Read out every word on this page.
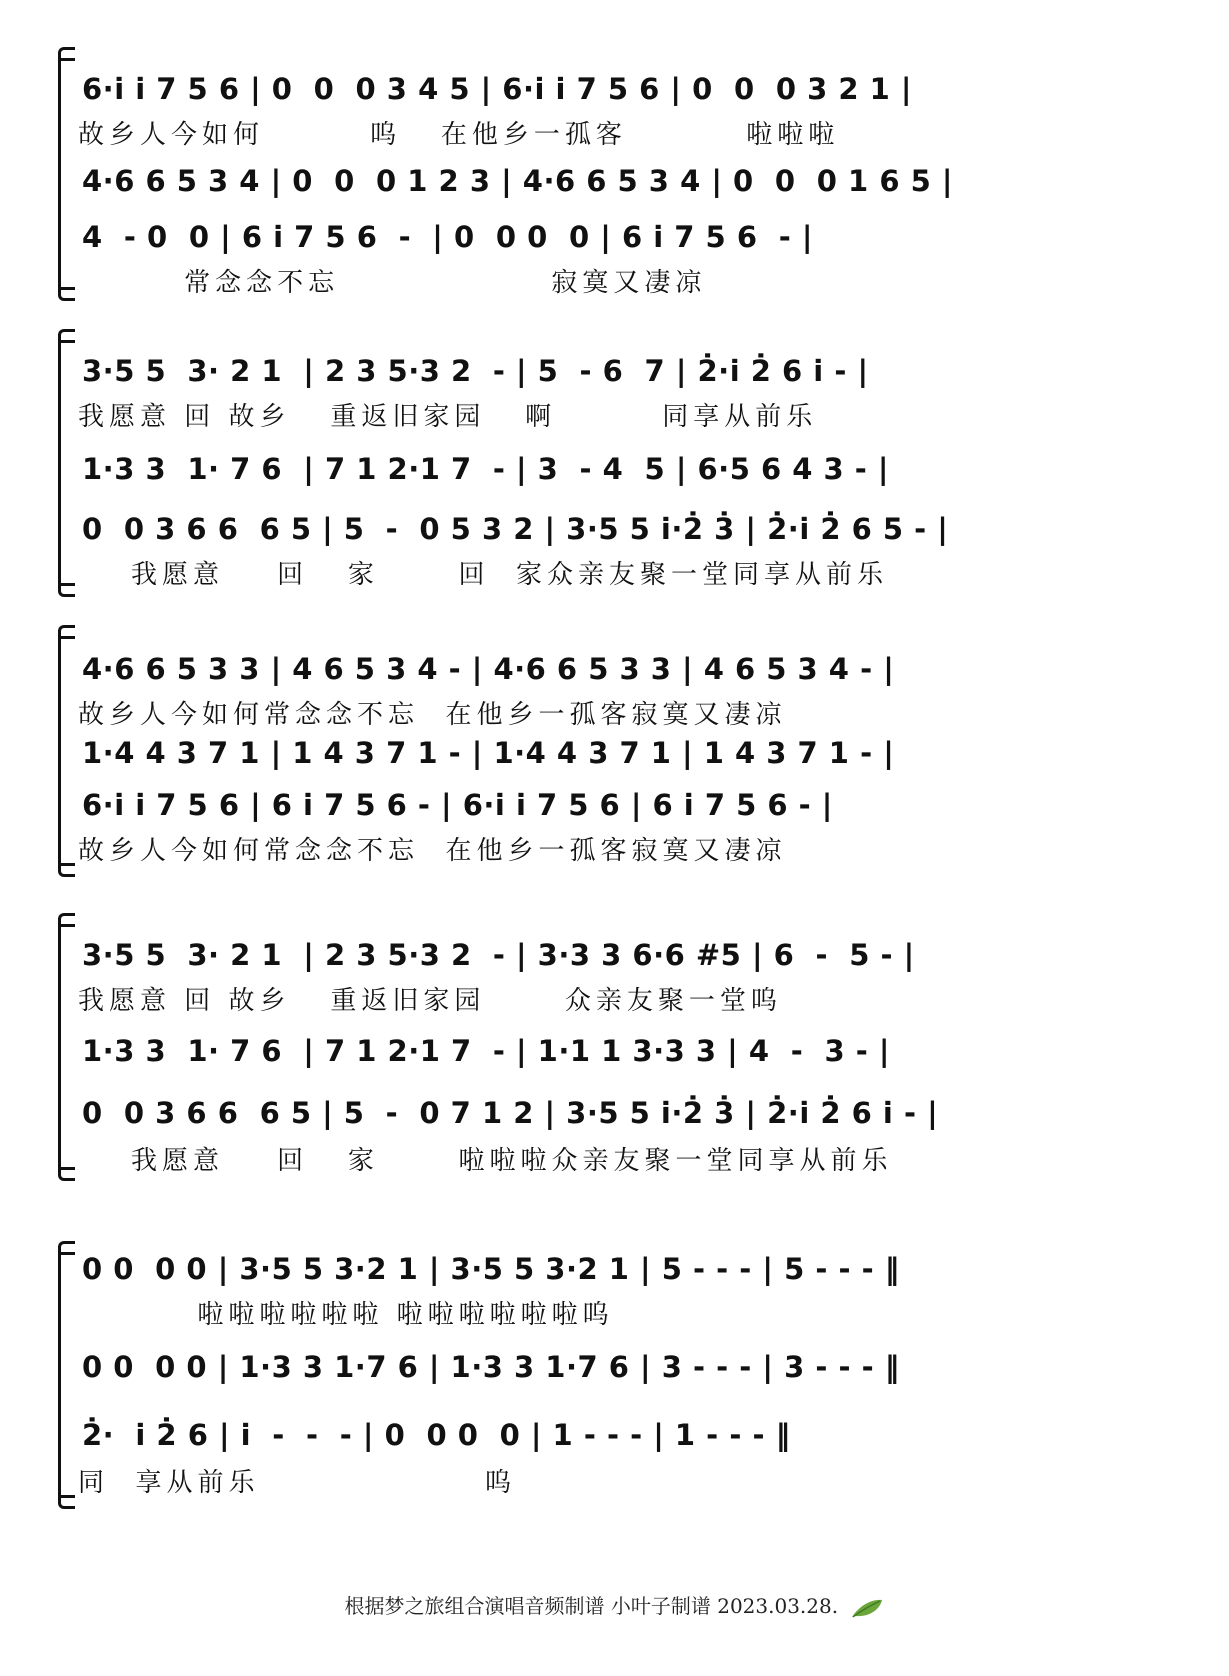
6·i̇ i̇ 7 5 6 | 0  0  0 3 4 5 | 6·i̇ i̇ 7 5 6 | 0  0  0 3 2 1 |
故乡人今如何        呜   在他乡一孤客         啦啦啦
4·6 6 5 3 4 | 0  0  0 1 2 3 | 4·6 6 5 3 4 | 0  0  0 1 6 5 |
4  - 0  0 | 6 i̇ 7 5 6  -  | 0  0 0  0 | 6 i̇ 7 5 6  - |
常念念不忘                寂寞又凄凉
3·5 5  3· 2 1  | 2 3 5·3 2  - | 5  - 6  7 | 2̇·i̇ 2̇ 6 i̇ - |
我愿意 回 故乡   重返旧家园   啊        同享从前乐
1·3 3  1· 7 6  | 7 1 2·1 7  - | 3  - 4  5 | 6·5 6 4 3 - |
0  0 3 6 6  6 5 | 5  -  0 5 3 2 | 3·5 5 i̇·2̇ 3̇ | 2̇·i̇ 2̇ 6 5 - |
我愿意    回   家      回  家众亲友聚一堂同享从前乐
4·6 6 5 3 3 | 4 6 5 3 4 - | 4·6 6 5 3 3 | 4 6 5 3 4 - |
故乡人今如何常念念不忘  在他乡一孤客寂寞又凄凉
1·4 4 3 7 1 | 1 4 3 7 1 - | 1·4 4 3 7 1 | 1 4 3 7 1 - |
6·i̇ i̇ 7 5 6 | 6 i̇ 7 5 6 - | 6·i̇ i̇ 7 5 6 | 6 i̇ 7 5 6 - |
故乡人今如何常念念不忘  在他乡一孤客寂寞又凄凉
3·5 5  3· 2 1  | 2 3 5·3 2  - | 3·3 3 6·6 #5 | 6  -  5 - |
我愿意 回 故乡   重返旧家园      众亲友聚一堂呜
1·3 3  1· 7 6  | 7 1 2·1 7  - | 1·1 1 3·3 3 | 4  -  3 - |
0  0 3 6 6  6 5 | 5  -  0 7 1 2 | 3·5 5 i̇·2̇ 3̇ | 2̇·i̇ 2̇ 6 i̇ - |
我愿意    回   家      啦啦啦众亲友聚一堂同享从前乐
0 0  0 0 | 3·5 5 3·2 1 | 3·5 5 3·2 1 | 5 - - - | 5 - - - ‖
啦啦啦啦啦啦 啦啦啦啦啦啦呜
0 0  0 0 | 1·3 3 1·7 6 | 1·3 3 1·7 6 | 3 - - - | 3 - - - ‖
2̇·  i̇ 2̇ 6 | i̇  -  -  - | 0  0 0  0 | 1 - - - | 1 - - - ‖
同  享从前乐                 呜
根据梦之旅组合演唱音频制谱 小叶子制谱 2023.03.28.
